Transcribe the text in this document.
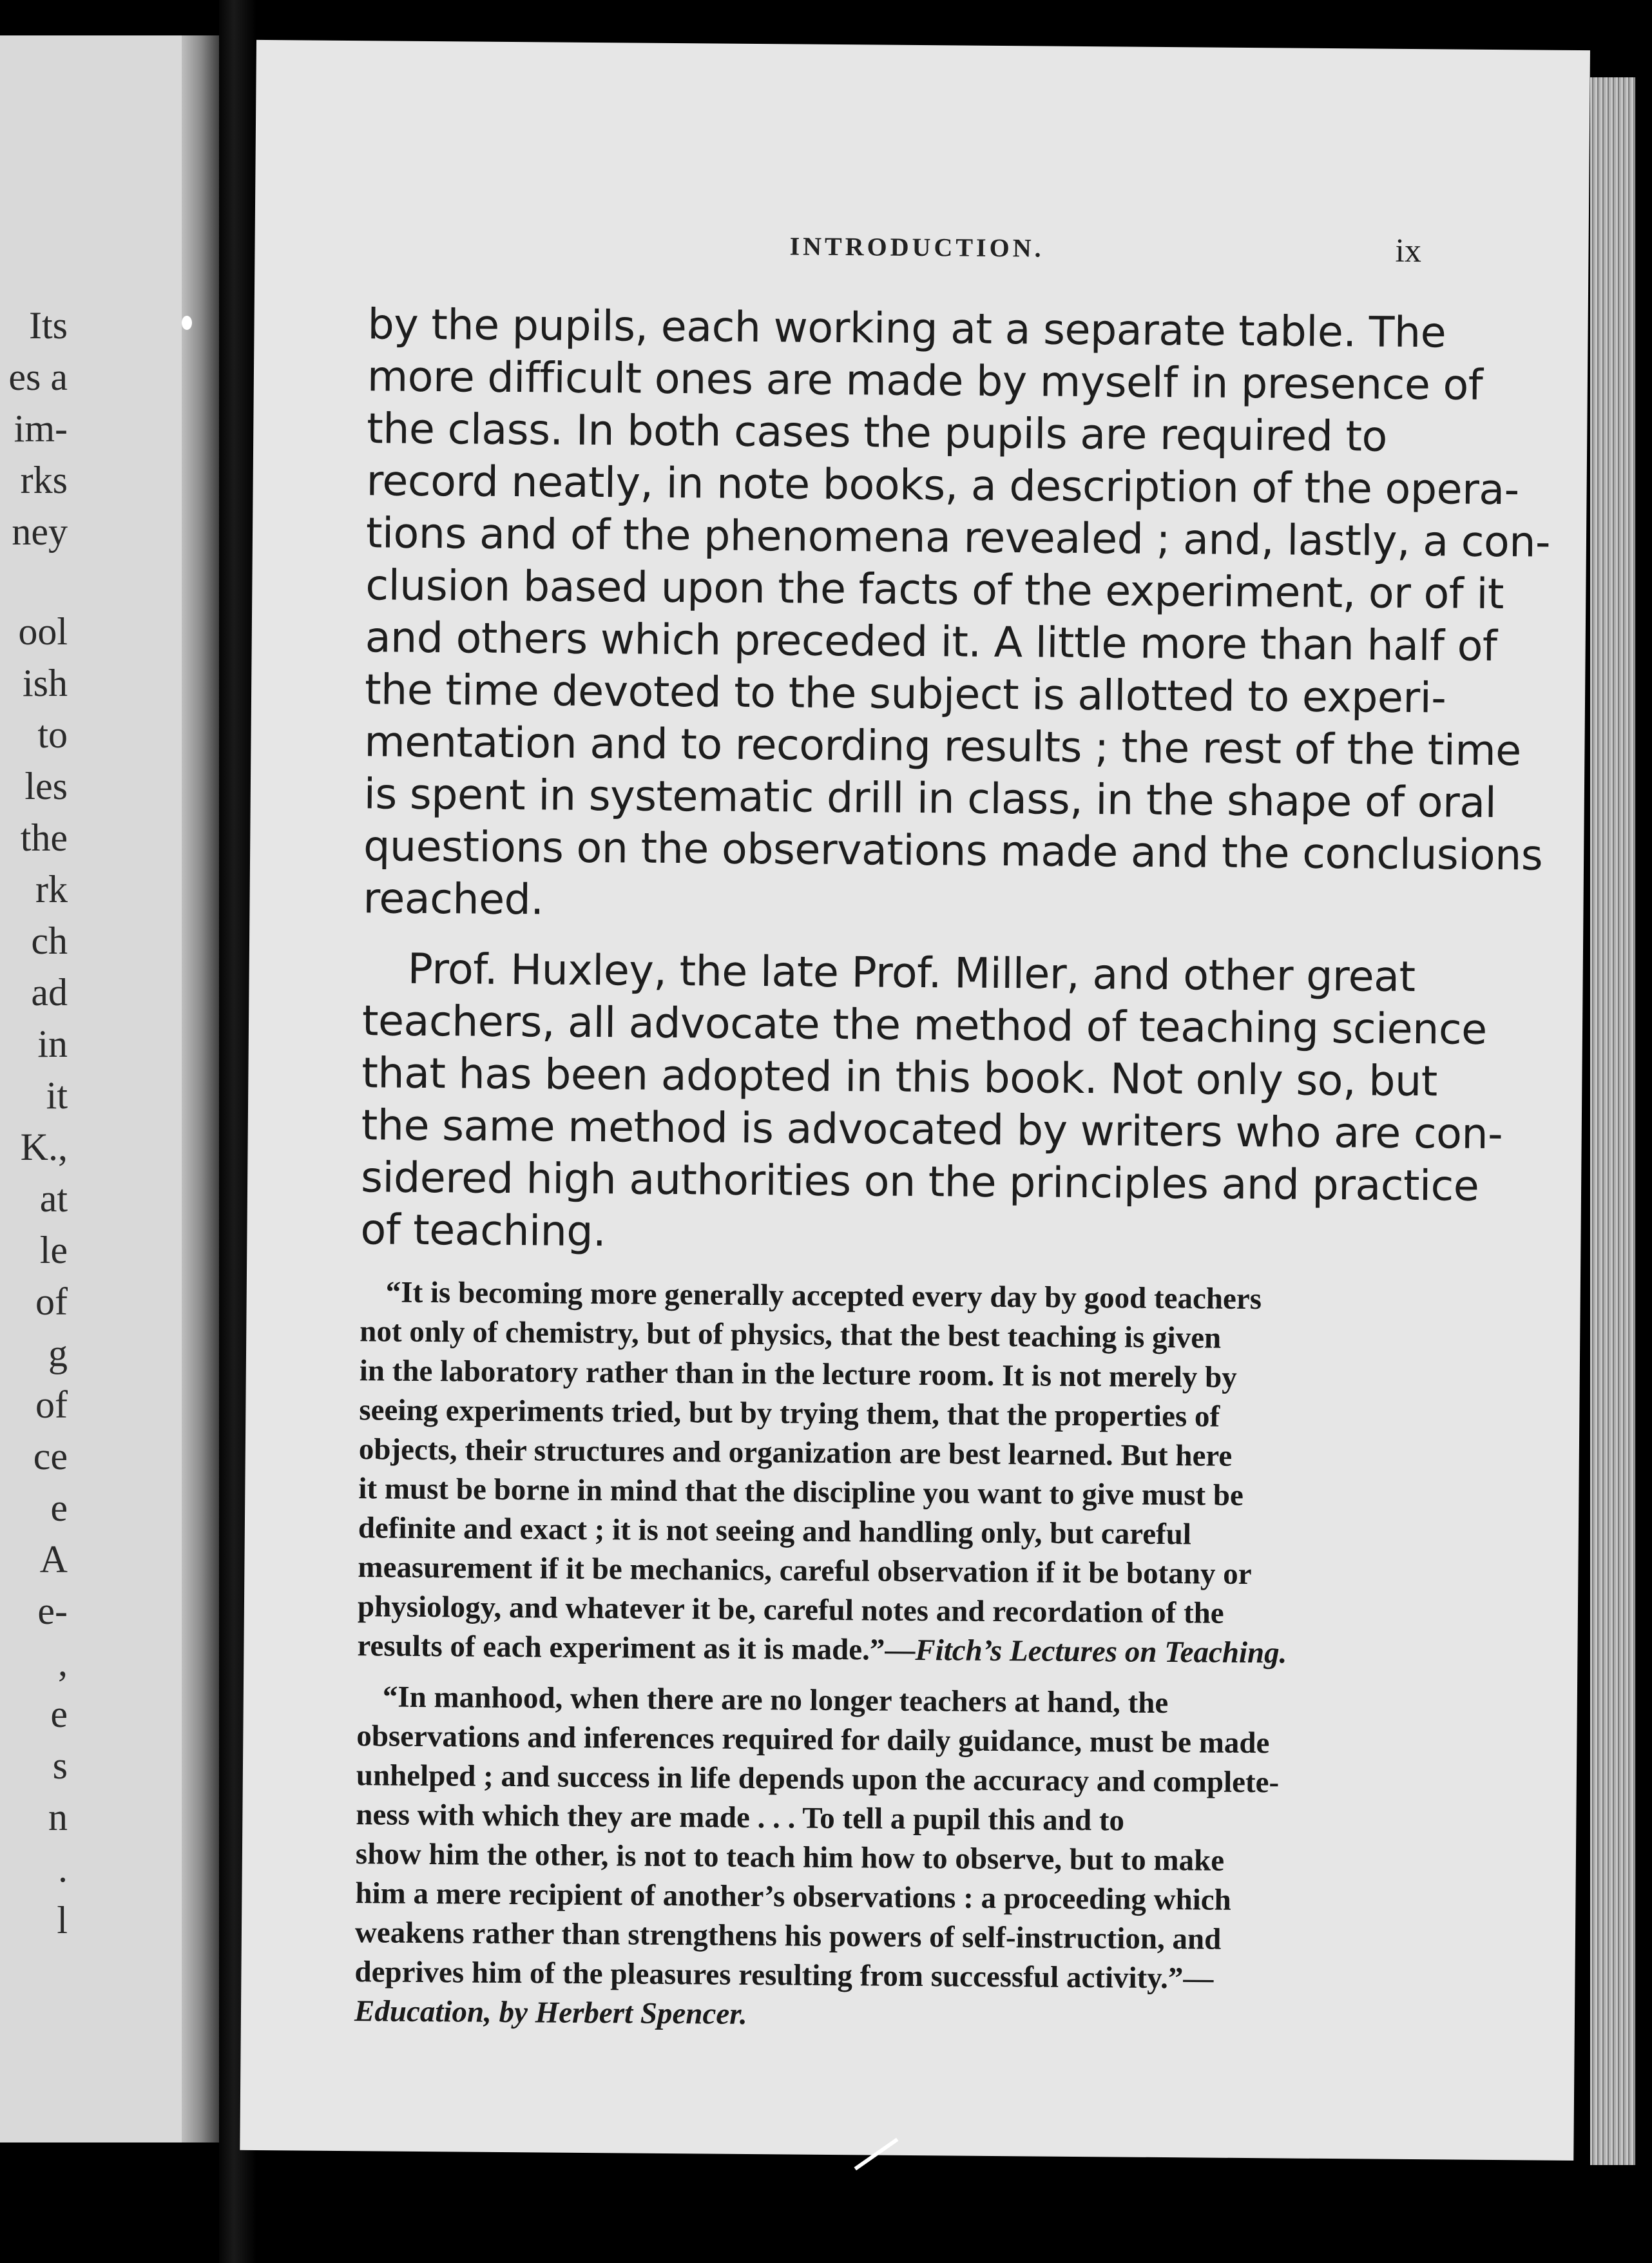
Its
es a
im-
rks
ney
ool
ish
to
les
the
rk
ch
ad
in
it
K.,
at
le
of
g
of
ce
e
A
e-
,
e
s
n
.
l
INTRODUCTION.	ix

by the pupils, each working at a separate table. The
more difficult ones are made by myself in presence of
the class. In both cases the pupils are required to
record neatly, in note books, a description of the opera-
tions and of the phenomena revealed ; and, lastly, a con-
clusion based upon the facts of the experiment, or of it
and others which preceded it. A little more than half of
the time devoted to the subject is allotted to experi-
mentation and to recording results ; the rest of the time
is spent in systematic drill in class, in the shape of oral
questions on the observations made and the conclusions
reached.

Prof. Huxley, the late Prof. Miller, and other great
teachers, all advocate the method of teaching science
that has been adopted in this book. Not only so, but
the same method is advocated by writers who are con-
sidered high authorities on the principles and practice
of teaching.

“It is becoming more generally accepted every day by good teachers
not only of chemistry, but of physics, that the best teaching is given
in the laboratory rather than in the lecture room. It is not merely by
seeing experiments tried, but by trying them, that the properties of
objects, their structures and organization are best learned. But here
it must be borne in mind that the discipline you want to give must be
definite and exact ; it is not seeing and handling only, but careful
measurement if it be mechanics, careful observation if it be botany or
physiology, and whatever it be, careful notes and recordation of the
results of each experiment as it is made.”—Fitch’s Lectures on Teaching.
“In manhood, when there are no longer teachers at hand, the
observations and inferences required for daily guidance, must be made
unhelped ; and success in life depends upon the accuracy and complete-
ness with which they are made . . . To tell a pupil this and to
show him the other, is not to teach him how to observe, but to make
him a mere recipient of another’s observations : a proceeding which
weakens rather than strengthens his powers of self-instruction, and
deprives him of the pleasures resulting from successful activity.”—
Education, by Herbert Spencer.
